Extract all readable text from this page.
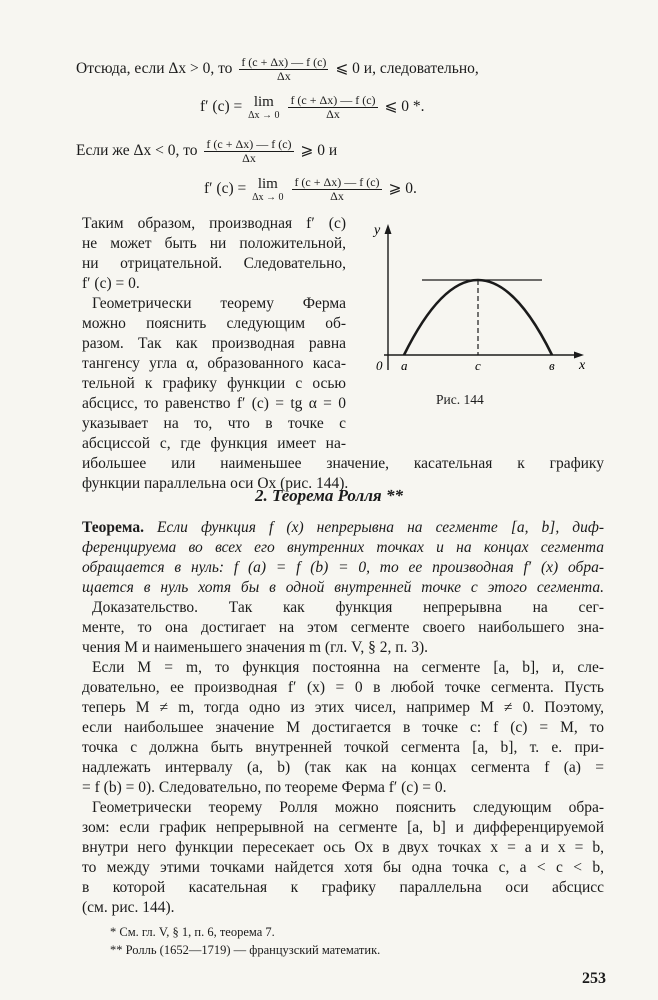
Отсюда, если Δx > 0, то $\frac{f (c + \Delta x) — f (c)}{\Delta x}$ ⩽ 0 и, следовательно,
f′ (c) = lim
Δx → 0
$\frac{f (c + \Delta x) — f (c)}{\Delta x}$ ⩽ 0 *.
Если же Δx < 0, то $\frac{f (c + \Delta x) — f (c)}{\Delta x}$ ⩾ 0 и
f′ (c) = lim
Δx → 0
$\frac{f (c + \Delta x) — f (c)}{\Delta x}$ ⩾ 0.
Таким образом, производная f′ (c)
не может быть ни положительной,
ни отрицательной. Следовательно,
f′ (c) = 0.
Геометрически теорему Ферма
можно пояснить следующим об-
разом. Так как производная равна
тангенсу угла α, образованного каса-
тельной к графику функции с осью
абсцисс, то равенство f′ (c) = tg α = 0
указывает на то, что в точке c
абсциссой c, где функция имеет на-
y
x
0 a	c	в
Рис. 144
ибольшее или наименьшее значение, касательная к графику
функции параллельна оси Ox (рис. 144).
2. Теорема Ролля **
Теорема. Если функция f (x) непрерывна на сегменте [a, b], диф-
ференцируема во всех его внутренних точках и на концах сегмента
обращается в нуль: f (a) = f (b) = 0, то ее производная f′ (x) обра-
щается в нуль хотя бы в одной внутренней точке c этого сегмента.
Доказательство. Так как функция непрерывна на сег-
менте, то она достигает на этом сегменте своего наибольшего зна-
чения M и наименьшего значения m (гл. V, § 2, п. 3).
Если M = m, то функция постоянна на сегменте [a, b], и, сле-
довательно, ее производная f′ (x) = 0 в любой точке сегмента. Пусть
теперь M ≠ m, тогда одно из этих чисел, например M ≠ 0. Поэтому,
если наибольшее значение M достигается в точке c: f (c) = M, то
точка c должна быть внутренней точкой сегмента [a, b], т. е. при-
надлежать интервалу (a, b) (так как на концах сегмента f (a) =
= f (b) = 0). Следовательно, по теореме Ферма f′ (c) = 0.
Геометрически теорему Ролля можно пояснить следующим обра-
зом: если график непрерывной на сегменте [a, b] и дифференцируемой
внутри него функции пересекает ось Ox в двух точках x = a и x = b,
то между этими точками найдется хотя бы одна точка c, a < c < b,
в которой касательная к графику параллельна оси абсцисс
(см. рис. 144).
* См. гл. V, § 1, п. 6, теорема 7.
** Ролль (1652—1719) — французский математик.
253
